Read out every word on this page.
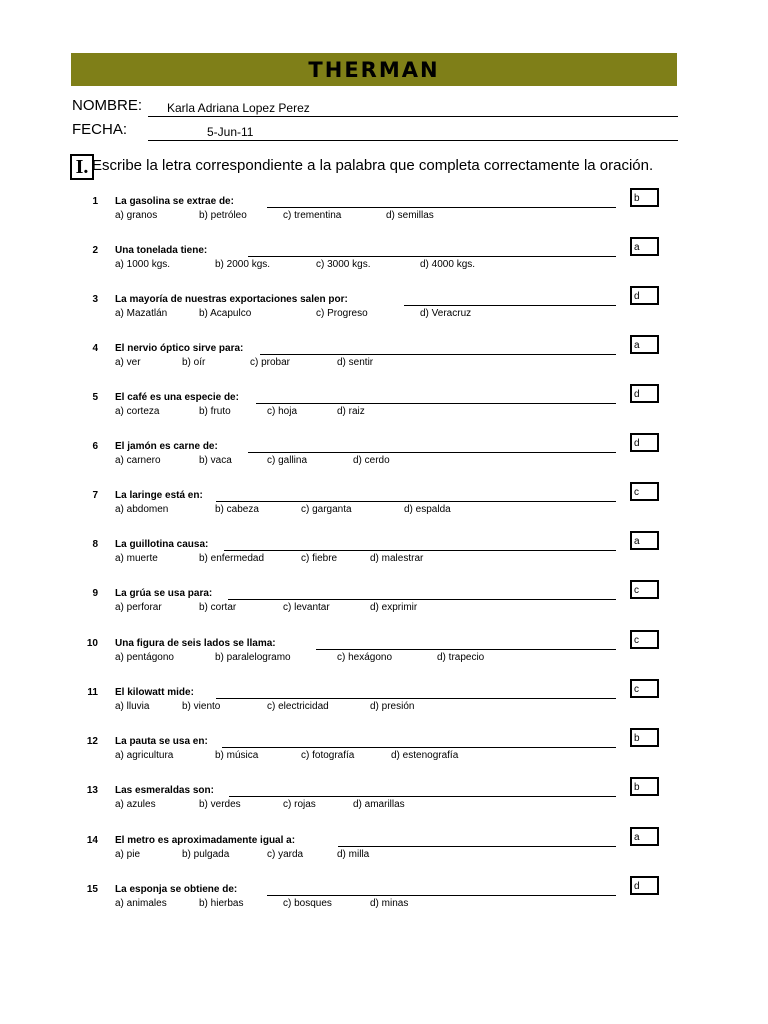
THERMAN
NOMBRE: Karla Adriana Lopez Perez
FECHA:	5-Jun-11
I. Escribe la letra correspondiente a la palabra que completa correctamente la oración.
1 La gasolina se extrae de:
a) granos	b) petróleo	c) trementina	d) semillas
b
2 Una tonelada tiene:
a) 1000 kgs.	b) 2000 kgs.	c) 3000 kgs.	d) 4000 kgs.
a
3 La mayoría de nuestras exportaciones salen por:
a) Mazatlán	b) Acapulco	c) Progreso	d) Veracruz
d
4 El nervio óptico sirve para:
a) ver	b) oír	c) probar	d) sentir
a
5 El café es una especie de:
a) corteza	b) fruto	c) hoja	d) raiz
d
6 El jamón es carne de:
a) carnero	b) vaca	c) gallina	d) cerdo
d
7 La laringe está en:
a) abdomen	b) cabeza	c) garganta	d) espalda
c
8 La guillotina causa:
a) muerte	b) enfermedad	c) fiebre	d) malestrar
a
9 La grúa se usa para:
a) perforar	b) cortar	c) levantar	d) exprimir
c
10 Una figura de seis lados se llama:
a) pentágono	b) paralelogramo	c) hexágono	d) trapecio
c
11 El kilowatt mide:
a) lluvia	b) viento	c) electricidad	d) presión
c
12 La pauta se usa en:
a) agricultura	b) música	c) fotografía	d) estenografía
b
13 Las esmeraldas son:
a) azules	b) verdes	c) rojas	d) amarillas
b
14 El metro es aproximadamente igual a:
a) pie	b) pulgada	c) yarda	d) milla
a
15 La esponja se obtiene de:
a) animales	b) hierbas	c) bosques	d) minas
d
